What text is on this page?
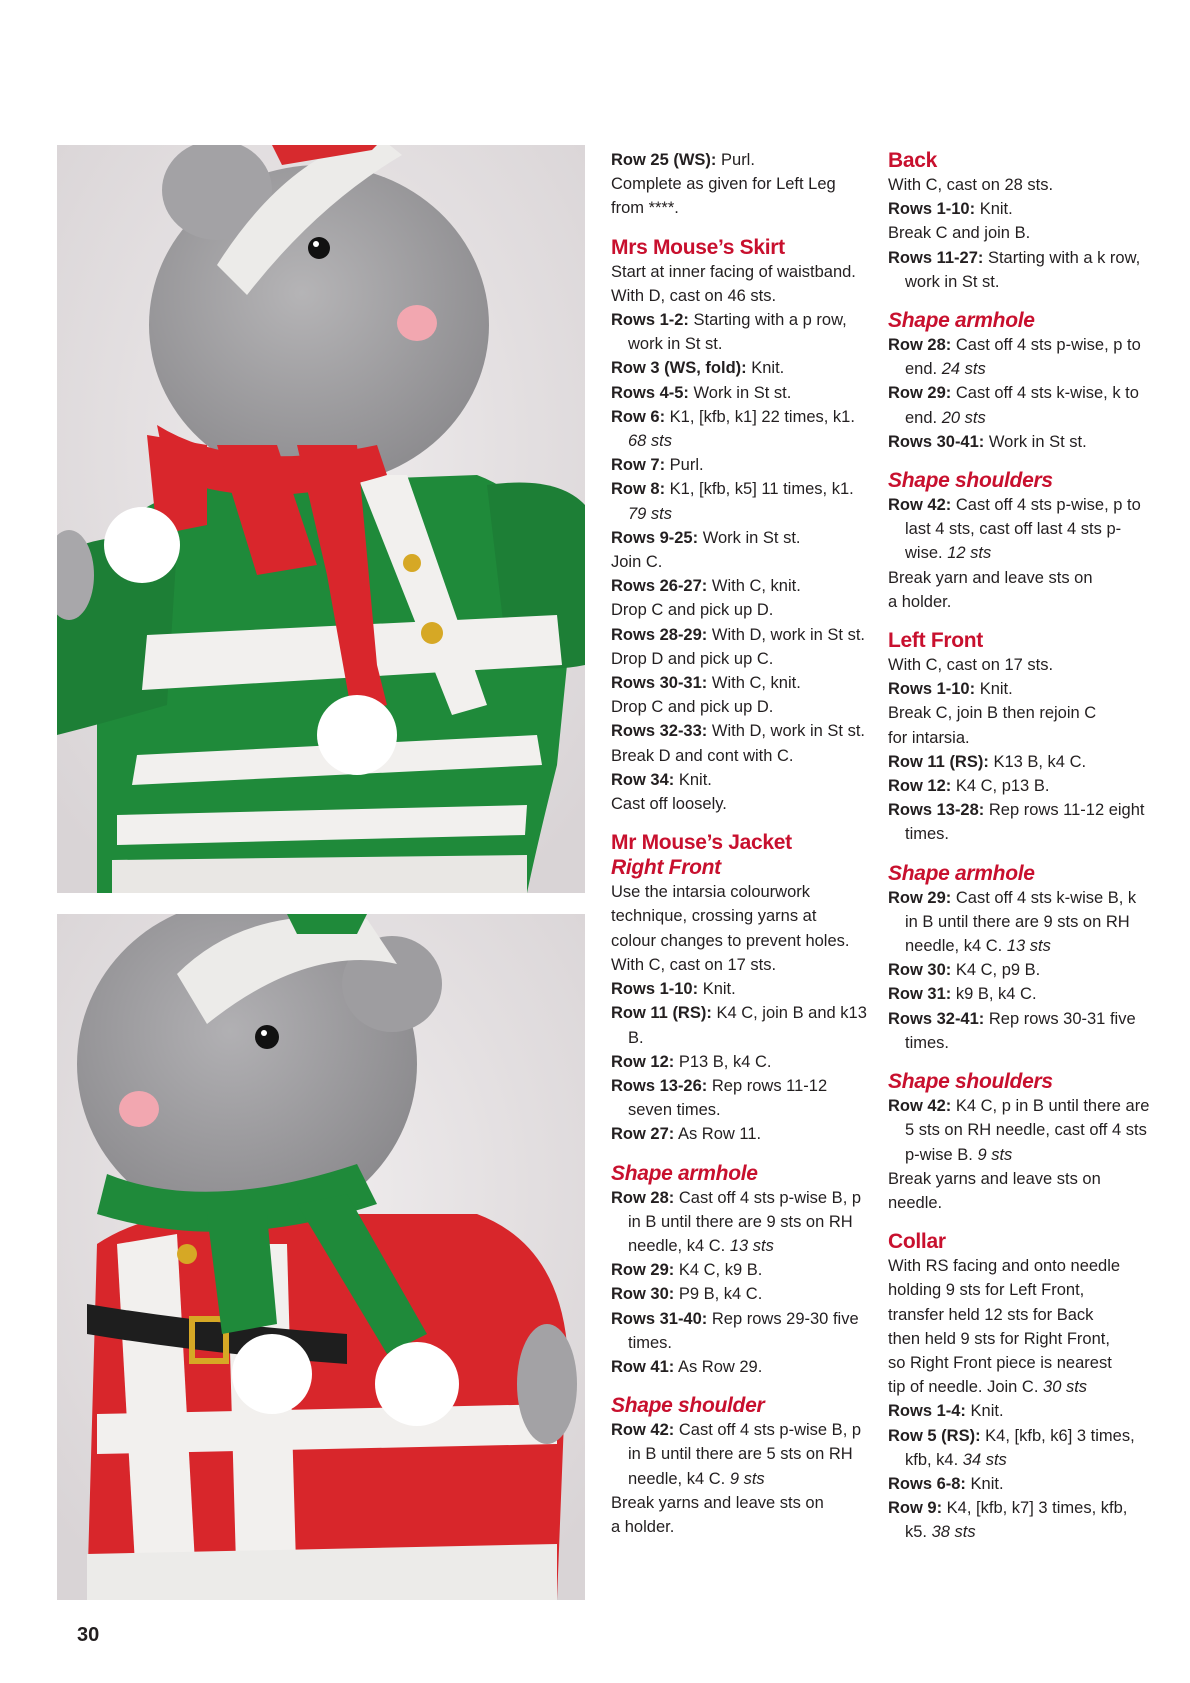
Row 25 (WS): Purl.
Complete as given for Left Leg
from ****.
Mrs Mouse’s Skirt
Start at inner facing of waistband.
With D, cast on 46 sts.
Rows 1-2: Starting with a p row, work in St st.
Row 3 (WS, fold): Knit.
Rows 4-5: Work in St st.
Row 6: K1, [kfb, k1] 22 times, k1. 68 sts
Row 7: Purl.
Row 8: K1, [kfb, k5] 11 times, k1. 79 sts
Rows 9-25: Work in St st.
Join C.
Rows 26-27: With C, knit.
Drop C and pick up D.
Rows 28-29: With D, work in St st.
Drop D and pick up C.
Rows 30-31: With C, knit.
Drop C and pick up D.
Rows 32-33: With D, work in St st.
Break D and cont with C.
Row 34: Knit.
Cast off loosely.
Mr Mouse’s Jacket
Right Front
Use the intarsia colourwork
technique, crossing yarns at
colour changes to prevent holes.
With C, cast on 17 sts.
Rows 1-10: Knit.
Row 11 (RS): K4 C, join B and k13 B.
Row 12: P13 B, k4 C.
Rows 13-26: Rep rows 11-12 seven times.
Row 27: As Row 11.
Shape armhole
Row 28: Cast off 4 sts p-wise B, p in B until there are 9 sts on RH needle, k4 C. 13 sts
Row 29: K4 C, k9 B.
Row 30: P9 B, k4 C.
Rows 31-40: Rep rows 29-30 five times.
Row 41: As Row 29.
Shape shoulder
Row 42: Cast off 4 sts p-wise B, p in B until there are 5 sts on RH needle, k4 C. 9 sts
Break yarns and leave sts on
a holder.
Back
With C, cast on 28 sts.
Rows 1-10: Knit.
Break C and join B.
Rows 11-27: Starting with a k row, work in St st.
Shape armhole
Row 28: Cast off 4 sts p-wise, p to end. 24 sts
Row 29: Cast off 4 sts k-wise, k to end. 20 sts
Rows 30-41: Work in St st.
Shape shoulders
Row 42: Cast off 4 sts p-wise, p to last 4 sts, cast off last 4 sts p-wise. 12 sts
Break yarn and leave sts on
a holder.
Left Front
With C, cast on 17 sts.
Rows 1-10: Knit.
Break C, join B then rejoin C
for intarsia.
Row 11 (RS): K13 B, k4 C.
Row 12: K4 C, p13 B.
Rows 13-28: Rep rows 11-12 eight times.
Shape armhole
Row 29: Cast off 4 sts k-wise B, k in B until there are 9 sts on RH needle, k4 C. 13 sts
Row 30: K4 C, p9 B.
Row 31: k9 B, k4 C.
Rows 32-41: Rep rows 30-31 five times.
Shape shoulders
Row 42: K4 C, p in B until there are 5 sts on RH needle, cast off 4 sts p-wise B. 9 sts
Break yarns and leave sts on
needle.
Collar
With RS facing and onto needle
holding 9 sts for Left Front,
transfer held 12 sts for Back
then held 9 sts for Right Front,
so Right Front piece is nearest
tip of needle. Join C. 30 sts
Rows 1-4: Knit.
Row 5 (RS): K4, [kfb, k6] 3 times, kfb, k4. 34 sts
Rows 6-8: Knit.
Row 9: K4, [kfb, k7] 3 times, kfb, k5. 38 sts
30
